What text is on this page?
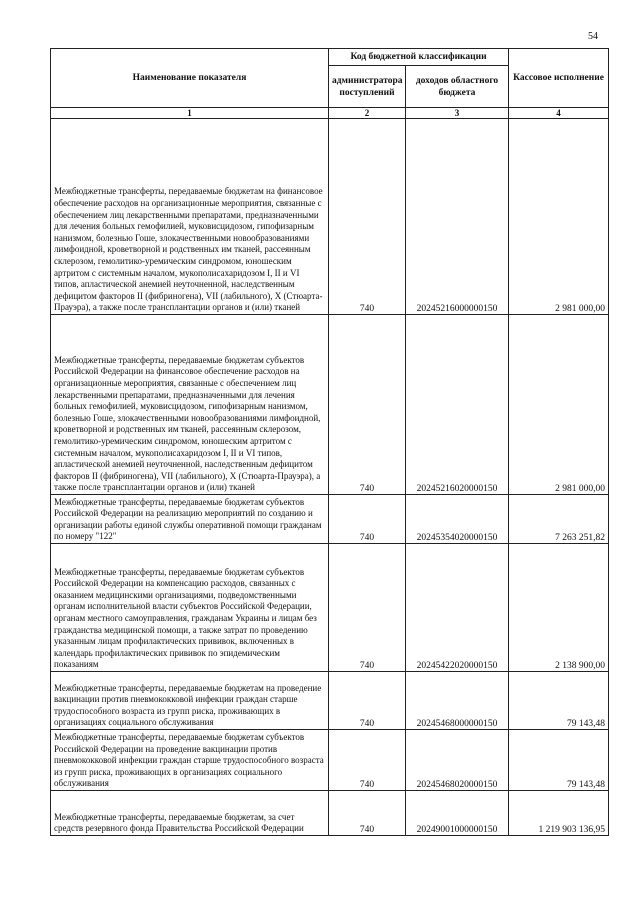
54
Наименование показателя	Код бюджетной классификации		Кассовое исполнение
	администратора поступлений	доходов областного бюджета	
1	2	3	4
Межбюджетные трансферты, передаваемые бюджетам на финансовое обеспечение расходов на организационные мероприятия, связанные с обеспечением лиц лекарственными препаратами, предназначенными для лечения больных гемофилией, муковисцидозом, гипофизарным нанизмом, болезнью Гоше, злокачественными новообразованиями лимфоидной, кроветворной и родственных им тканей, рассеянным склерозом, гемолитико-уремическим синдромом, юношеским артритом с системным началом, мукополисахаридозом I, II и VI типов, апластической анемией неуточненной, наследственным дефицитом факторов II (фибриногена), VII (лабильного), X (Стюарта-Прауэра), а также после трансплантации органов и (или) тканей	740	20245216000000150	2 981 000,00
Межбюджетные трансферты, передаваемые бюджетам субъектов Российской Федерации на финансовое обеспечение расходов на организационные мероприятия, связанные с обеспечением лиц лекарственными препаратами, предназначенными для лечения больных гемофилией, муковисцидозом, гипофизарным нанизмом, болезнью Гоше, злокачественными новообразованиями лимфоидной, кроветворной и родственных им тканей, рассеянным склерозом, гемолитико-уремическим синдромом, юношеским артритом с системным началом, мукополисахаридозом I, II и VI типов, апластической анемией неуточненной, наследственным дефицитом факторов II (фибриногена), VII (лабильного), X (Стюарта-Прауэра), а также после трансплантации органов и (или) тканей	740	20245216020000150	2 981 000,00
Межбюджетные трансферты, передаваемые бюджетам субъектов Российской Федерации на реализацию мероприятий по созданию и организации работы единой службы оперативной помощи гражданам по номеру "122"	740	20245354020000150	7 263 251,82
Межбюджетные трансферты, передаваемые бюджетам субъектов Российской Федерации на компенсацию расходов, связанных с оказанием медицинскими организациями, подведомственными органам исполнительной власти субъектов Российской Федерации, органам местного самоуправления, гражданам Украины и лицам без гражданства медицинской помощи, а также затрат по проведению указанным лицам профилактических прививок, включенных в календарь профилактических прививок по эпидемическим показаниям	740	20245422020000150	2 138 900,00
Межбюджетные трансферты, передаваемые бюджетам на проведение вакцинации против пневмококковой инфекции граждан старше трудоспособного возраста из групп риска, проживающих в организациях социального обслуживания	740	20245468000000150	79 143,48
Межбюджетные трансферты, передаваемые бюджетам субъектов Российской Федерации на проведение вакцинации против пневмококковой инфекции граждан старше трудоспособного возраста из групп риска, проживающих в организациях социального обслуживания	740	20245468020000150	79 143,48
Межбюджетные трансферты, передаваемые бюджетам, за счет средств резервного фонда Правительства Российской Федерации	740	20249001000000150	1 219 903 136,95
